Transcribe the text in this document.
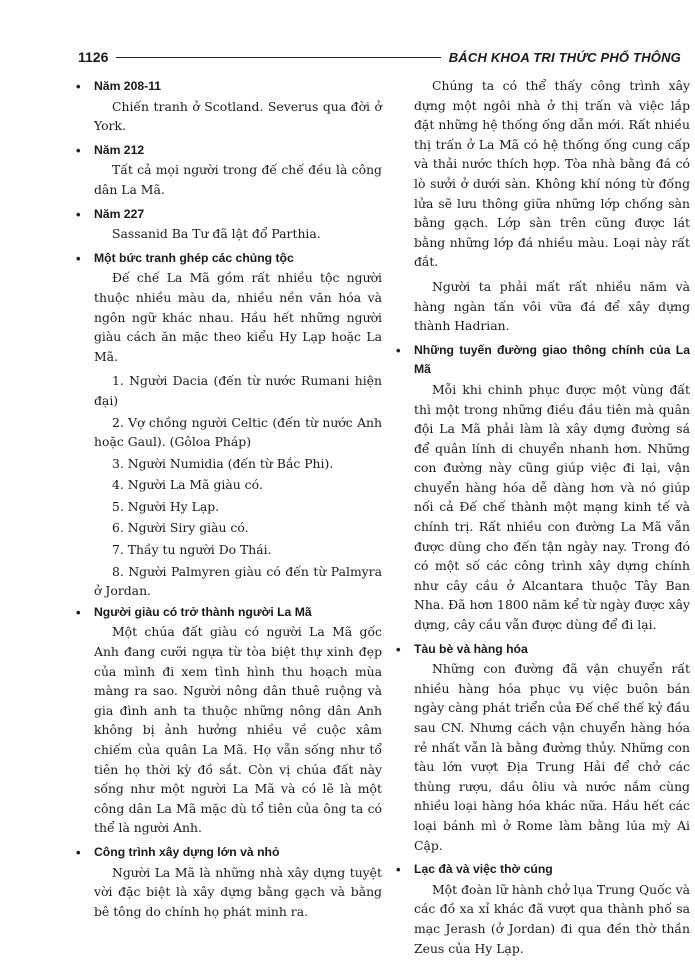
1126	BÁCH KHOA TRI THỨC PHỔ THÔNG
• Năm 208-11

Chiến tranh ở Scotland. Severus qua đời ở York.

• Năm 212

Tất cả mọi người trong đế chế đều là công dân La Mã.

• Năm 227

Sassanid Ba Tư đã lật đổ Parthia.

• Một bức tranh ghép các chủng tộc

Đế chế La Mã gồm rất nhiều tộc người thuộc nhiều màu da, nhiều nền văn hóa và ngôn ngữ khác nhau. Hầu hết những người giàu cách ăn mặc theo kiểu Hy Lạp hoặc La Mã.

1. Người Dacia (đến từ nước Rumani hiện đại)

2. Vợ chồng người Celtic (đến từ nước Anh hoặc Gaul). (Gôloa Pháp)

3. Người Numidia (đến từ Bắc Phi).

4. Người La Mã giàu có.

5. Người Hy Lạp.

6. Người Siry giàu có.

7. Thầy tu người Do Thái.

8. Người Palmyren giàu có đến từ Palmyra ở Jordan.

• Người giàu có trở thành người La Mã

Một chúa đất giàu có người La Mã gốc Anh đang cưỡi ngựa từ tòa biệt thự xinh đẹp của mình đi xem tình hình thu hoạch mùa màng ra sao. Người nông dân thuê ruộng và gia đình anh ta thuộc những nông dân Anh không bị ảnh hưởng nhiều về cuộc xâm chiếm của quân La Mã. Họ vẫn sống như tổ tiên họ thời kỳ đồ sắt. Còn vị chúa đất này sống như một người La Mã và có lẽ là một công dân La Mã mặc dù tổ tiên của ông ta có thể là người Anh.

• Công trình xây dựng lớn và nhỏ

Người La Mã là những nhà xây dựng tuyệt vời đặc biệt là xây dựng bằng gạch và bằng bê tông do chính họ phát minh ra.

Chúng ta có thể thấy công trình xây dựng một ngôi nhà ở thị trấn và việc lắp đặt những hệ thống ống dẫn mới. Rất nhiều thị trấn ở La Mã có hệ thống ống cung cấp và thải nước thích hợp. Tòa nhà bằng đá có lò sưởi ở dưới sàn. Không khí nóng từ đống lửa sẽ lưu thông giữa những lớp chống sàn bằng gạch. Lớp sàn trên cũng được lát bằng những lớp đá nhiều màu. Loại này rất đắt.

Người ta phải mất rất nhiều năm và hàng ngàn tấn vôi vữa đá để xây dựng thành Hadrian.

• Những tuyến đường giao thông chính của La Mã

Mỗi khi chinh phục được một vùng đất thì một trong những điều đầu tiên mà quân đội La Mã phải làm là xây dựng đường sá để quân lính di chuyển nhanh hơn. Những con đường này cũng giúp việc đi lại, vận chuyển hàng hóa dễ dàng hơn và nó giúp nối cả Đế chế thành một mạng kinh tế và chính trị. Rất nhiều con đường La Mã vẫn được dùng cho đến tận ngày nay. Trong đó có một số các công trình xây dựng chính như cây cầu ở Alcantara thuộc Tây Ban Nha. Đã hơn 1800 năm kể từ ngày được xây dựng, cây cầu vẫn được dùng để đi lại.

• Tàu bè và hàng hóa

Những con đường đã vận chuyển rất nhiều hàng hóa phục vụ việc buôn bán ngày càng phát triển của Đế chế thế kỷ đầu sau CN. Nhưng cách vận chuyển hàng hóa rẻ nhất vẫn là bằng đường thủy. Những con tàu lớn vượt Địa Trung Hải để chở các thùng rượu, dầu ôliu và nước nắm cùng nhiều loại hàng hóa khác nữa. Hầu hết các loại bánh mì ở Rome làm bằng lúa mỳ Ai Cập.

• Lạc đà và việc thờ cúng

Một đoàn lữ hành chở lụa Trung Quốc và các đồ xa xỉ khác đã vượt qua thành phố sa mạc Jerash (ở Jordan) đi qua đền thờ thần Zeus của Hy Lạp.
